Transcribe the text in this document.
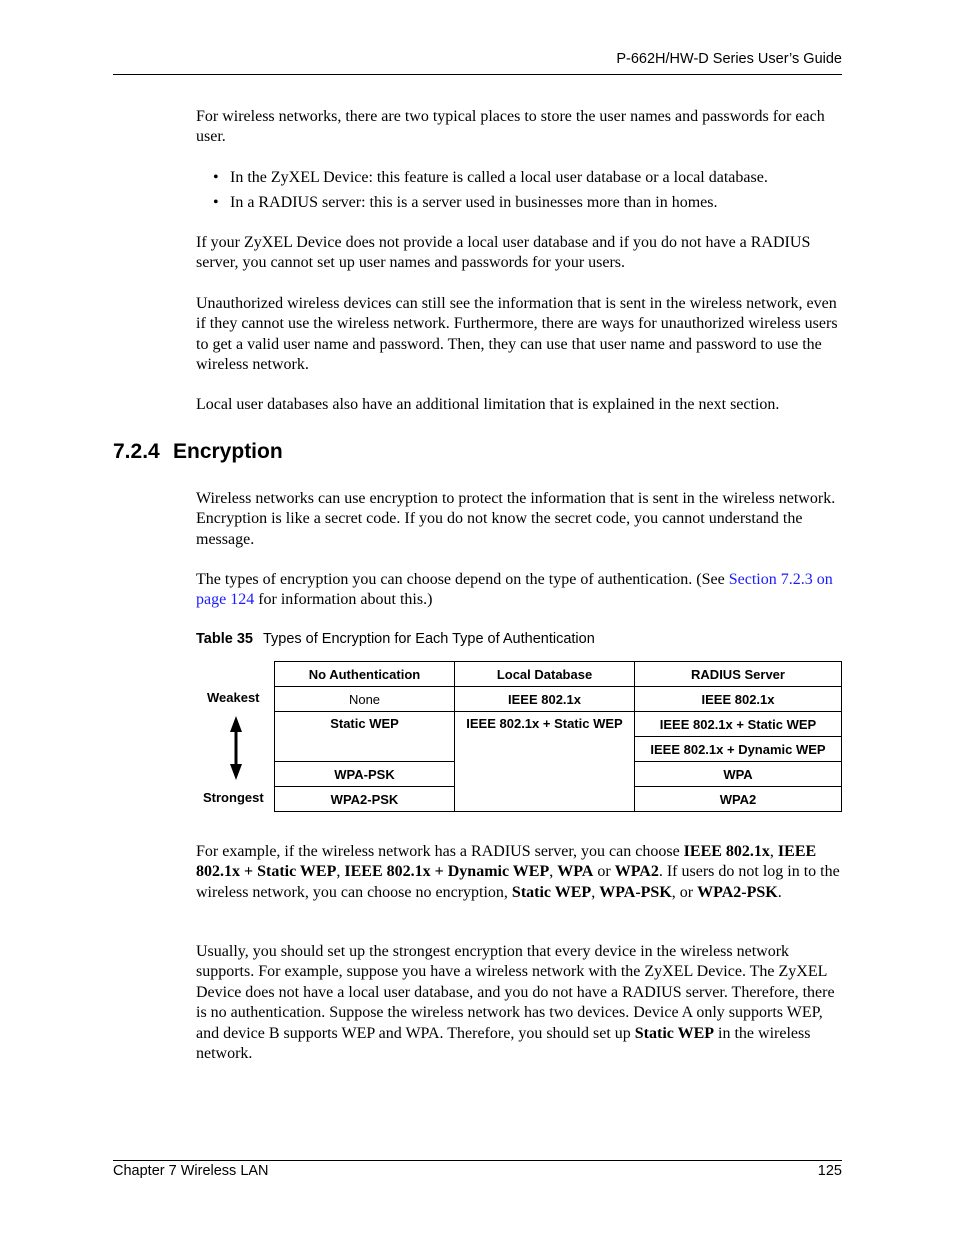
P-662H/HW-D Series User’s Guide

For wireless networks, there are two typical places to store the user names and passwords for each user.

• In the ZyXEL Device: this feature is called a local user database or a local database.
• In a RADIUS server: this is a server used in businesses more than in homes.

If your ZyXEL Device does not provide a local user database and if you do not have a RADIUS server, you cannot set up user names and passwords for your users.

Unauthorized wireless devices can still see the information that is sent in the wireless network, even if they cannot use the wireless network. Furthermore, there are ways for unauthorized wireless users to get a valid user name and password. Then, they can use that user name and password to use the wireless network.

Local user databases also have an additional limitation that is explained in the next section.

7.2.4 Encryption

Wireless networks can use encryption to protect the information that is sent in the wireless network. Encryption is like a secret code. If you do not know the secret code, you cannot understand the message.

The types of encryption you can choose depend on the type of authentication. (See Section 7.2.3 on page 124 for information about this.)

Table 35 Types of Encryption for Each Type of Authentication
Weakest
Strongest
No Authentication	Local Database	RADIUS Server
None	IEEE 802.1x	IEEE 802.1x
Static WEP	IEEE 802.1x + Static WEP	IEEE 802.1x + Static WEP
		IEEE 802.1x + Dynamic WEP
WPA-PSK		WPA
WPA2-PSK		WPA2

For example, if the wireless network has a RADIUS server, you can choose IEEE 802.1x, IEEE 802.1x + Static WEP, IEEE 802.1x + Dynamic WEP, WPA or WPA2. If users do not log in to the wireless network, you can choose no encryption, Static WEP, WPA-PSK, or WPA2-PSK.

Usually, you should set up the strongest encryption that every device in the wireless network supports. For example, suppose you have a wireless network with the ZyXEL Device. The ZyXEL Device does not have a local user database, and you do not have a RADIUS server. Therefore, there is no authentication. Suppose the wireless network has two devices. Device A only supports WEP, and device B supports WEP and WPA. Therefore, you should set up Static WEP in the wireless network.

Chapter 7 Wireless LAN	125
